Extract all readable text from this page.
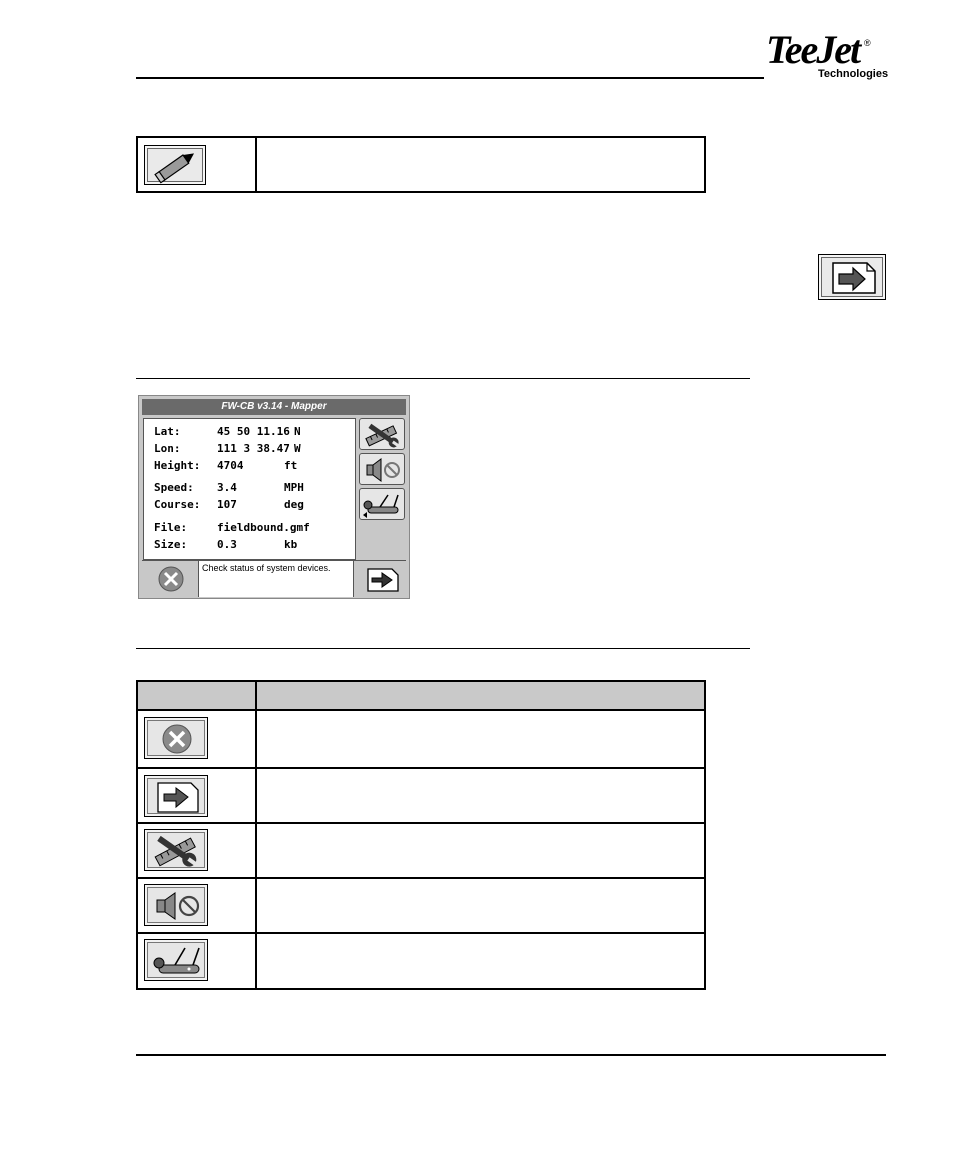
TeeJet ®
Technologies
FW-CB v3.14 - Mapper
Lat:	45 50 11.16 N
Lon:	111 3 38.47 W
Height: 4704	ft
Speed: 3.4	MPH
Course: 107	deg
File:	fieldbound.gmf
Size:	0.3	kb
Check status of system devices.
